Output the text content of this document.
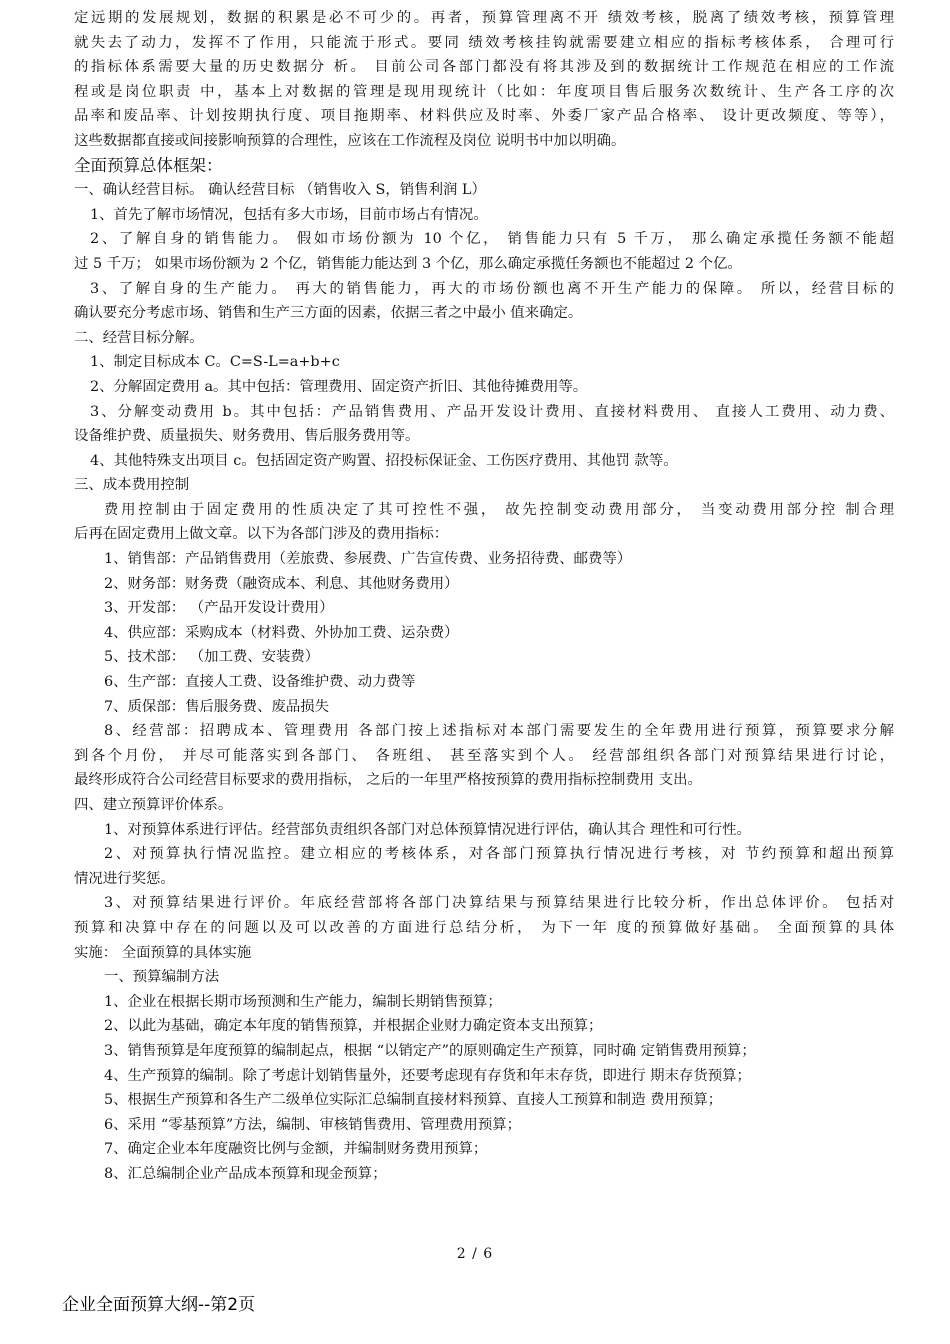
定远期的发展规划，数据的积累是必不可少的。再者，预算管理离不开 绩效考核，脱离了绩效考核，预算管理
就失去了动力，发挥不了作用，只能流于形式。要同 绩效考核挂钩就需要建立相应的指标考核体系， 合理可行
的指标体系需要大量的历史数据分 析。 目前公司各部门都没有将其涉及到的数据统计工作规范在相应的工作流
程或是岗位职责 中，基本上对数据的管理是现用现统计（比如：年度项目售后服务次数统计、生产各工序的次
品率和废品率、计划按期执行度、项目拖期率、材料供应及时率、外委厂家产品合格率、 设计更改频度、等等），
这些数据都直接或间接影响预算的合理性，应该在工作流程及岗位 说明书中加以明确。
全面预算总体框架：
一、确认经营目标。 确认经营目标 （销售收入 S，销售利润 L）
1、首先了解市场情况，包括有多大市场，目前市场占有情况。
2、了解自身的销售能力。 假如市场份额为 10 个亿， 销售能力只有 5 千万， 那么确定承揽任务额不能超
过 5 千万； 如果市场份额为 2 个亿，销售能力能达到 3 个亿，那么确定承揽任务额也不能超过 2 个亿。
3、了解自身的生产能力。 再大的销售能力，再大的市场份额也离不开生产能力的保障。 所以，经营目标的
确认要充分考虑市场、销售和生产三方面的因素，依据三者之中最小 值来确定。
二、经营目标分解。
1、制定目标成本 C。C=S-L=a+b+c
2、分解固定费用 a。其中包括：管理费用、固定资产折旧、其他待摊费用等。
3、分解变动费用 b。其中包括：产品销售费用、产品开发设计费用、直接材料费用、 直接人工费用、动力费、
设备维护费、质量损失、财务费用、售后服务费用等。
4、其他特殊支出项目 c。包括固定资产购置、招投标保证金、工伤医疗费用、其他罚 款等。
三、成本费用控制
费用控制由于固定费用的性质决定了其可控性不强， 故先控制变动费用部分， 当变动费用部分控 制合理
后再在固定费用上做文章。以下为各部门涉及的费用指标：
1、销售部：产品销售费用（差旅费、参展费、广告宣传费、业务招待费、邮费等）
2、财务部：财务费（融资成本、利息、其他财务费用）
3、开发部： （产品开发设计费用）
4、供应部：采购成本（材料费、外协加工费、运杂费）
5、技术部： （加工费、安装费）
6、生产部：直接人工费、设备维护费、动力费等
7、质保部：售后服务费、废品损失
8、经营部：招聘成本、管理费用 各部门按上述指标对本部门需要发生的全年费用进行预算，预算要求分解
到各个月份， 并尽可能落实到各部门、 各班组、 甚至落实到个人。 经营部组织各部门对预算结果进行讨论，
最终形成符合公司经营目标要求的费用指标， 之后的一年里严格按预算的费用指标控制费用 支出。
四、建立预算评价体系。
1、对预算体系进行评估。经营部负责组织各部门对总体预算情况进行评估，确认其合 理性和可行性。
2、对预算执行情况监控。建立相应的考核体系，对各部门预算执行情况进行考核，对 节约预算和超出预算
情况进行奖惩。
3、对预算结果进行评价。年底经营部将各部门决算结果与预算结果进行比较分析，作出总体评价。 包括对
预算和决算中存在的问题以及可以改善的方面进行总结分析， 为下一年 度的预算做好基础。 全面预算的具体
实施： 全面预算的具体实施
一、预算编制方法
1、企业在根据长期市场预测和生产能力，编制长期销售预算；
2、以此为基础，确定本年度的销售预算，并根据企业财力确定资本支出预算；
3、销售预算是年度预算的编制起点，根据 “以销定产”的原则确定生产预算，同时确 定销售费用预算；
4、生产预算的编制。除了考虑计划销售量外，还要考虑现有存货和年末存货，即进行 期末存货预算；
5、根据生产预算和各生产二级单位实际汇总编制直接材料预算、直接人工预算和制造 费用预算；
6、采用 “零基预算”方法，编制、审核销售费用、管理费用预算；
7、确定企业本年度融资比例与金额，并编制财务费用预算；
8、汇总编制企业产品成本预算和现金预算；
2 / 6
企业全面预算大纲--第2页
